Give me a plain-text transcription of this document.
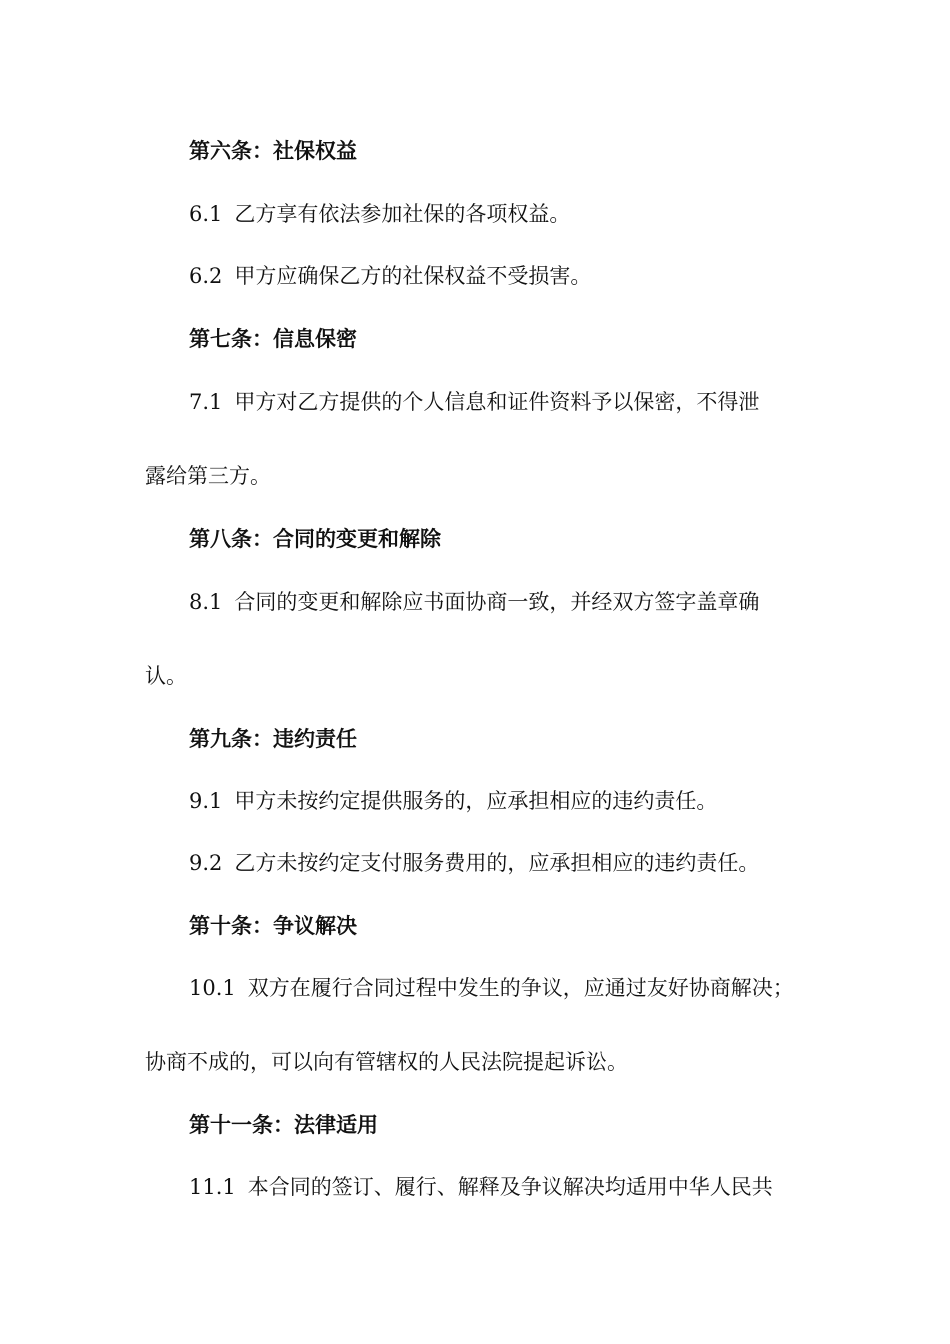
第六条：社保权益
6.1 乙方享有依法参加社保的各项权益。
6.2 甲方应确保乙方的社保权益不受损害。
第七条：信息保密
7.1 甲方对乙方提供的个人信息和证件资料予以保密，不得泄
露给第三方。
第八条：合同的变更和解除
8.1 合同的变更和解除应书面协商一致，并经双方签字盖章确
认。
第九条：违约责任
9.1 甲方未按约定提供服务的，应承担相应的违约责任。
9.2 乙方未按约定支付服务费用的，应承担相应的违约责任。
第十条：争议解决
10.1 双方在履行合同过程中发生的争议，应通过友好协商解决；
协商不成的，可以向有管辖权的人民法院提起诉讼。
第十一条：法律适用
11.1 本合同的签订、履行、解释及争议解决均适用中华人民共
